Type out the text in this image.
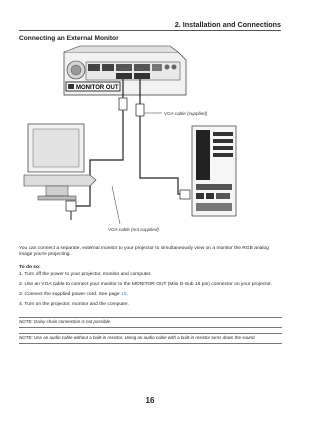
2. Installation and Connections
Connecting an External Monitor
MONITOR OUT
VGA cable (supplied)
VGA cable (not supplied)
You can connect a separate, external monitor to your projector to simultaneously view on a monitor the RGB analog image you're projecting.
To do so:
1. Turn off the power to your projector, monitor and computer.
2. Use an VGA cable to connect your monitor to the MONITOR OUT (Mini D-Sub 15 pin) connector on your projector.
3. Connect the supplied power cord. See page 19.
4. Turn on the projector, monitor and the computer.
NOTE: Daisy chain connection is not possible.
NOTE: Use an audio cable without a built-in resistor. Using an audio cable with a built-in resistor turns down the sound.
16
